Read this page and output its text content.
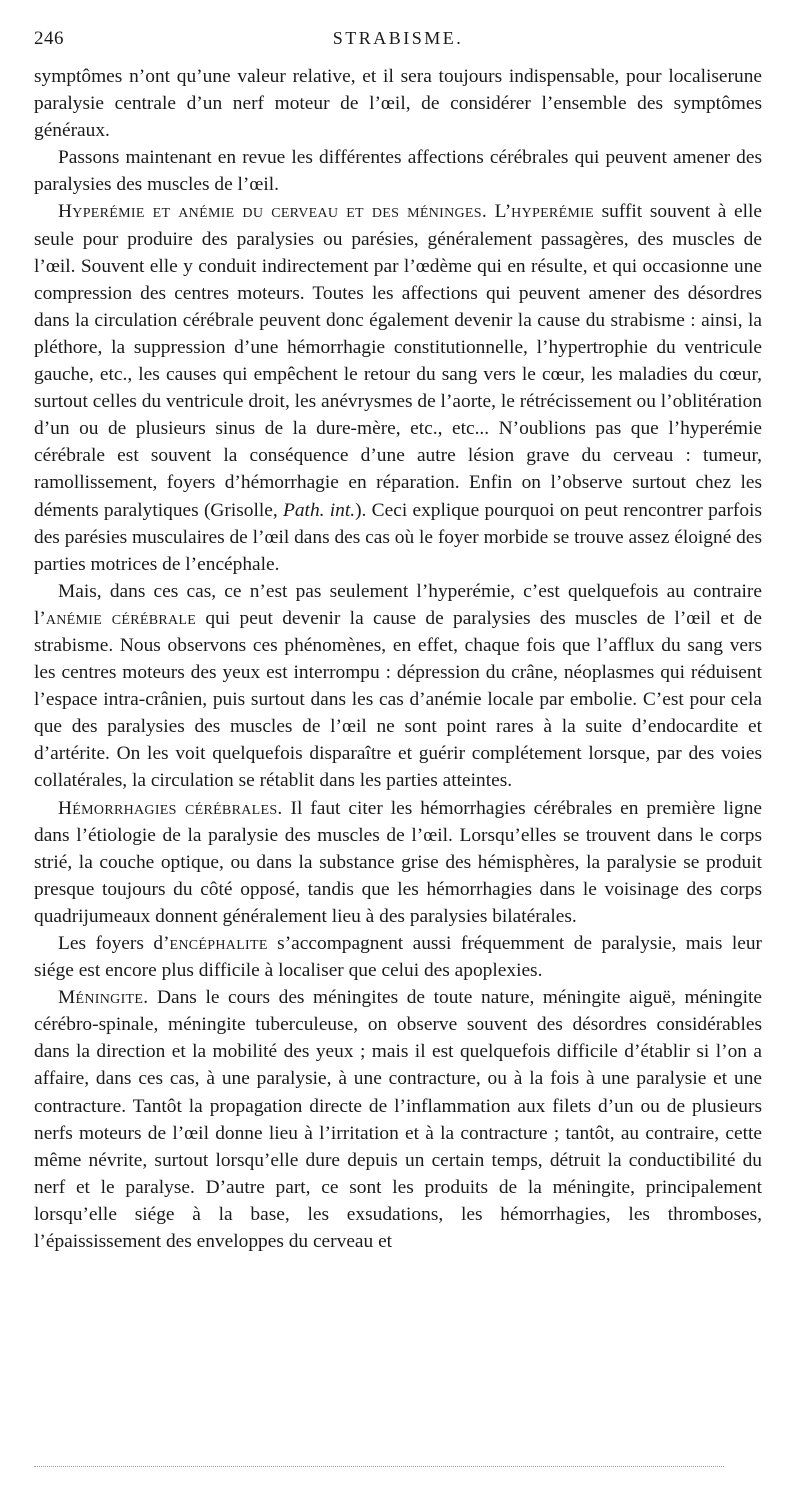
246	STRABISME.

symptômes n’ont qu’une valeur relative, et il sera toujours indispensable, pour localiserune paralysie centrale d’un nerf moteur de l’œil, de considérer l’ensemble des symptômes généraux.

Passons maintenant en revue les différentes affections cérébrales qui peuvent amener des paralysies des muscles de l’œil.

Hyperémie et anémie du cerveau et des méninges. L’hyperémie suffit souvent à elle seule pour produire des paralysies ou parésies, généralement passagères, des muscles de l’œil. Souvent elle y conduit indirectement par l’œdème qui en résulte, et qui occasionne une compression des centres moteurs. Toutes les affections qui peuvent amener des désordres dans la circulation cérébrale peuvent donc également devenir la cause du strabisme : ainsi, la pléthore, la suppression d’une hémorrhagie constitutionnelle, l’hypertrophie du ventricule gauche, etc., les causes qui empêchent le retour du sang vers le cœur, les maladies du cœur, surtout celles du ventricule droit, les anévrysmes de l’aorte, le rétrécissement ou l’oblitération d’un ou de plusieurs sinus de la dure-mère, etc., etc... N’oublions pas que l’hyperémie cérébrale est souvent la conséquence d’une autre lésion grave du cerveau : tumeur, ramollissement, foyers d’hémorrhagie en réparation. Enfin on l’observe surtout chez les déments paralytiques (Grisolle, Path. int.). Ceci explique pourquoi on peut rencontrer parfois des parésies musculaires de l’œil dans des cas où le foyer morbide se trouve assez éloigné des parties motrices de l’encéphale.

Mais, dans ces cas, ce n’est pas seulement l’hyperémie, c’est quelquefois au contraire l’anémie cérébrale qui peut devenir la cause de paralysies des muscles de l’œil et de strabisme. Nous observons ces phénomènes, en effet, chaque fois que l’afflux du sang vers les centres moteurs des yeux est interrompu : dépression du crâne, néoplasmes qui réduisent l’espace intra-crânien, puis surtout dans les cas d’anémie locale par embolie. C’est pour cela que des paralysies des muscles de l’œil ne sont point rares à la suite d’endocardite et d’artérite. On les voit quelquefois disparaître et guérir complétement lorsque, par des voies collatérales, la circulation se rétablit dans les parties atteintes.

Hémorrhagies cérébrales. Il faut citer les hémorrhagies cérébrales en première ligne dans l’étiologie de la paralysie des muscles de l’œil. Lorsqu’elles se trouvent dans le corps strié, la couche optique, ou dans la substance grise des hémisphères, la paralysie se produit presque toujours du côté opposé, tandis que les hémorrhagies dans le voisinage des corps quadrijumeaux donnent généralement lieu à des paralysies bilatérales.

Les foyers d’encéphalite s’accompagnent aussi fréquemment de paralysie, mais leur siége est encore plus difficile à localiser que celui des apoplexies.

Méningite. Dans le cours des méningites de toute nature, méningite aiguë, méningite cérébro-spinale, méningite tuberculeuse, on observe souvent des désordres considérables dans la direction et la mobilité des yeux ; mais il est quelquefois difficile d’établir si l’on a affaire, dans ces cas, à une paralysie, à une contracture, ou à la fois à une paralysie et une contracture. Tantôt la propagation directe de l’inflammation aux filets d’un ou de plusieurs nerfs moteurs de l’œil donne lieu à l’irritation et à la contracture ; tantôt, au contraire, cette même névrite, surtout lorsqu’elle dure depuis un certain temps, détruit la conductibilité du nerf et le paralyse. D’autre part, ce sont les produits de la méningite, principalement lorsqu’elle siége à la base, les exsudations, les hémorrhagies, les thromboses, l’épaississement des enveloppes du cerveau et
